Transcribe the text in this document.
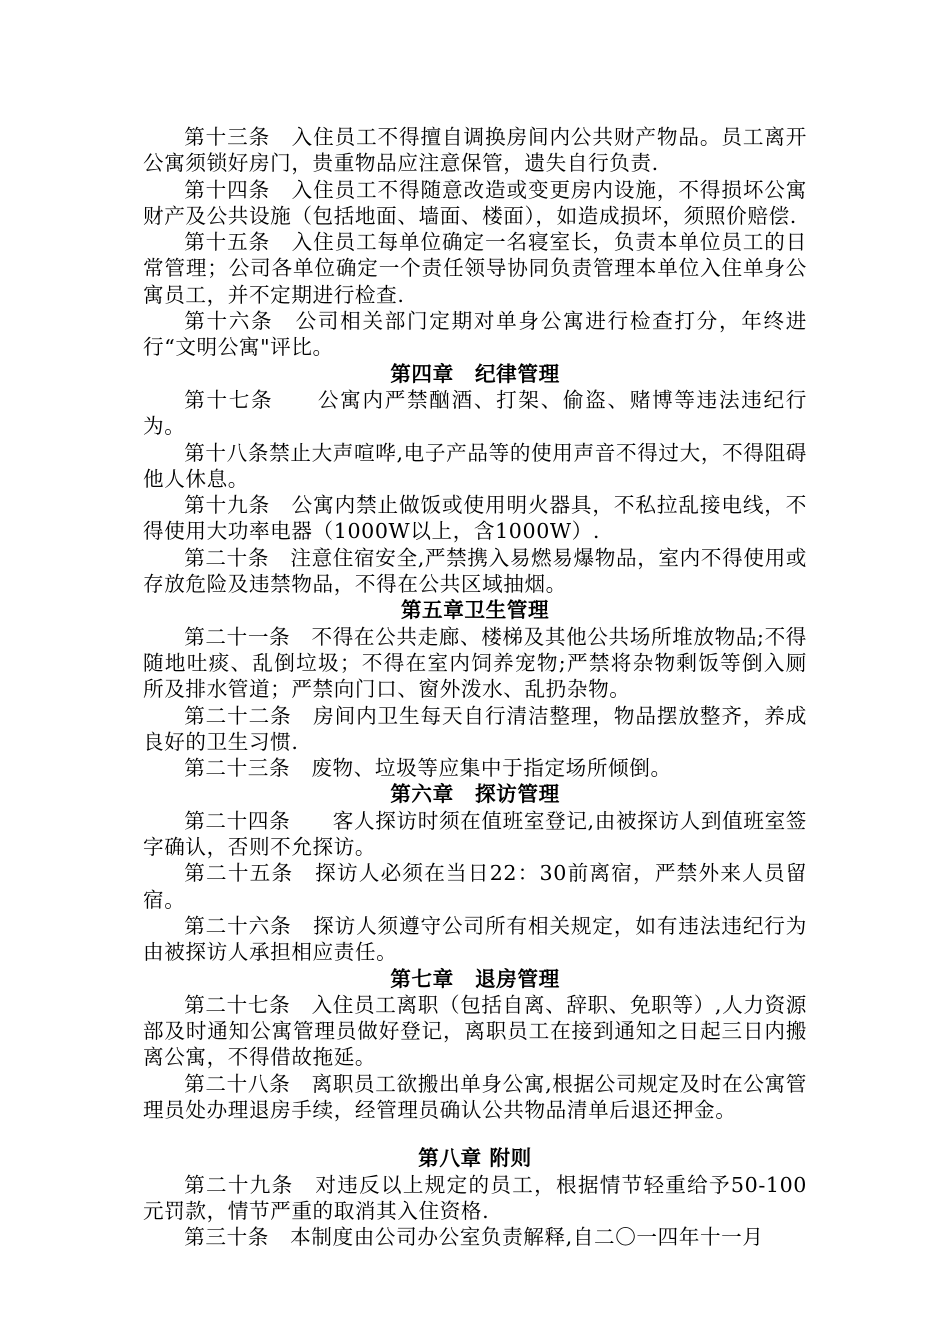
第十三条　入住员工不得擅自调换房间内公共财产物品。员工离开公寓须锁好房门，贵重物品应注意保管，遗失自行负责.

第十四条　入住员工不得随意改造或变更房内设施，不得损坏公寓财产及公共设施（包括地面、墙面、楼面），如造成损坏，须照价赔偿.

第十五条　入住员工每单位确定一名寝室长，负责本单位员工的日常管理；公司各单位确定一个责任领导协同负责管理本单位入住单身公寓员工，并不定期进行检查.

第十六条　公司相关部门定期对单身公寓进行检查打分，年终进行“文明公寓"评比。

第四章　纪律管理

第十七条　　公寓内严禁酗酒、打架、偷盗、赌博等违法违纪行为。

第十八条禁止大声喧哗,电子产品等的使用声音不得过大，不得阻碍他人休息。

第十九条　公寓内禁止做饭或使用明火器具，不私拉乱接电线，不得使用大功率电器（1000W以上，含1000W）.

第二十条　注意住宿安全,严禁携入易燃易爆物品，室内不得使用或存放危险及违禁物品，不得在公共区域抽烟。

第五章卫生管理

第二十一条　不得在公共走廊、楼梯及其他公共场所堆放物品;不得随地吐痰、乱倒垃圾；不得在室内饲养宠物;严禁将杂物剩饭等倒入厕所及排水管道；严禁向门口、窗外泼水、乱扔杂物。

第二十二条　房间内卫生每天自行清洁整理，物品摆放整齐，养成良好的卫生习惯.

第二十三条　废物、垃圾等应集中于指定场所倾倒。

第六章　探访管理

第二十四条　　客人探访时须在值班室登记,由被探访人到值班室签字确认，否则不允探访。

第二十五条　探访人必须在当日22：30前离宿，严禁外来人员留宿。

第二十六条　探访人须遵守公司所有相关规定，如有违法违纪行为由被探访人承担相应责任。

第七章　退房管理

第二十七条　入住员工离职（包括自离、辞职、免职等）,人力资源部及时通知公寓管理员做好登记，离职员工在接到通知之日起三日内搬离公寓，不得借故拖延。

第二十八条　离职员工欲搬出单身公寓,根据公司规定及时在公寓管理员处办理退房手续，经管理员确认公共物品清单后退还押金。

第八章 附则

第二十九条　对违反以上规定的员工，根据情节轻重给予50-100元罚款，情节严重的取消其入住资格.

第三十条　本制度由公司办公室负责解释,自二〇一四年十一月
